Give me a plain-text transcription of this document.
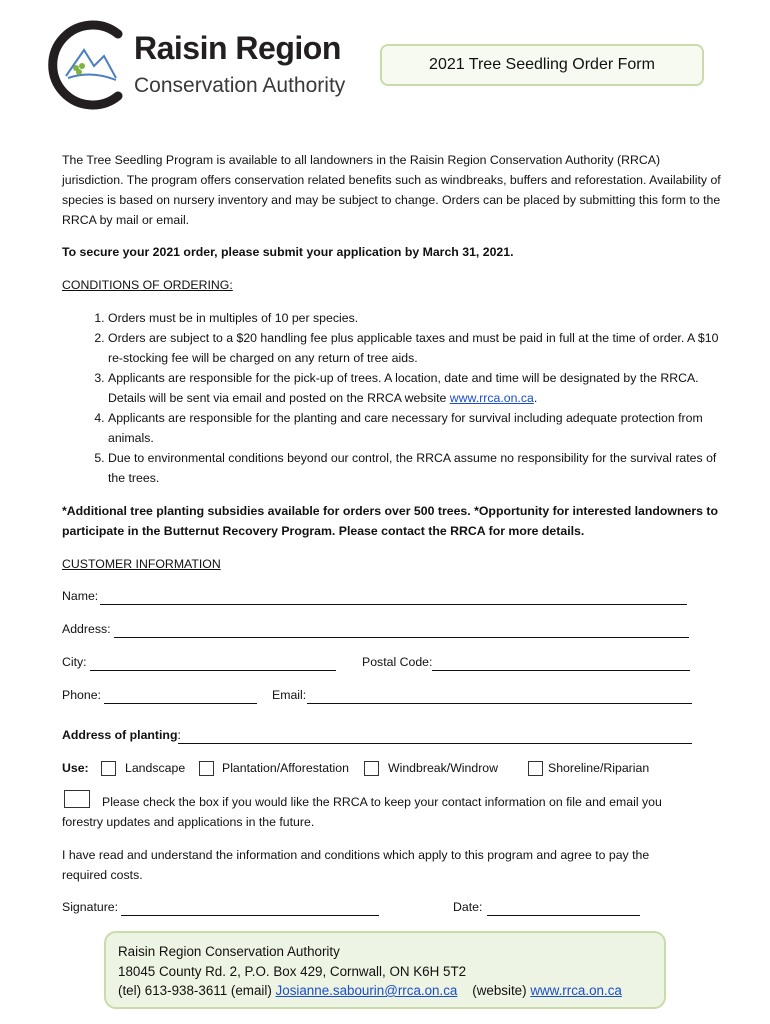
Raisin Region
Conservation Authority
2021 Tree Seedling Order Form
The Tree Seedling Program is available to all landowners in the Raisin Region Conservation Authority (RRCA) jurisdiction. The program offers conservation related benefits such as windbreaks, buffers and reforestation. Availability of species is based on nursery inventory and may be subject to change. Orders can be placed by submitting this form to the RRCA by mail or email.
To secure your 2021 order, please submit your application by March 31, 2021.
CONDITIONS OF ORDERING:
1. Orders must be in multiples of 10 per species.
2. Orders are subject to a $20 handling fee plus applicable taxes and must be paid in full at the time of order. A $10 re-stocking fee will be charged on any return of tree aids.
3. Applicants are responsible for the pick-up of trees. A location, date and time will be designated by the RRCA. Details will be sent via email and posted on the RRCA website www.rrca.on.ca.
4. Applicants are responsible for the planting and care necessary for survival including adequate protection from animals.
5. Due to environmental conditions beyond our control, the RRCA assume no responsibility for the survival rates of the trees.
*Additional tree planting subsidies available for orders over 500 trees. *Opportunity for interested landowners to participate in the Butternut Recovery Program. Please contact the RRCA for more details.
CUSTOMER INFORMATION
Name:
Address:
City:	Postal Code:
Phone:	Email:
Address of planting:
Use:	Landscape	Plantation/Afforestation	Windbreak/Windrow	Shoreline/Riparian
Please check the box if you would like the RRCA to keep your contact information on file and email you forestry updates and applications in the future.
I have read and understand the information and conditions which apply to this program and agree to pay the required costs.
Signature:	Date:
Raisin Region Conservation Authority
18045 County Rd. 2, P.O. Box 429, Cornwall, ON K6H 5T2
(tel) 613-938-3611 (email) Josianne.sabourin@rrca.on.ca (website) www.rrca.on.ca
